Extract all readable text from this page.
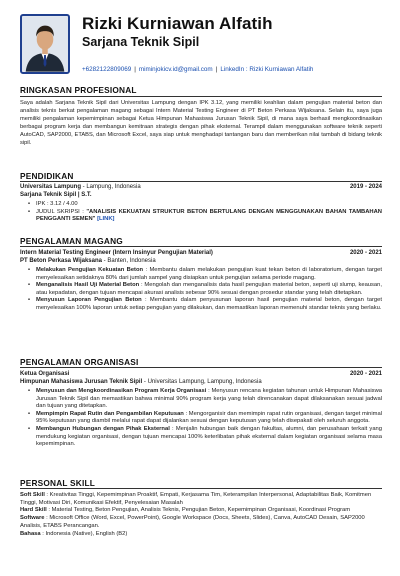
Rizki Kurniawan Alfatih
Sarjana Teknik Sipil
+6282122809069 | miminjokicv.id@gmail.com | LinkedIn : Rizki Kurniawan Alfatih
RINGKASAN PROFESIONAL
Saya adalah Sarjana Teknik Sipil dari Universitas Lampung dengan IPK 3.12, yang memiliki keahlian dalam pengujian material beton dan analisis teknis berkat pengalaman magang sebagai Intern Material Testing Engineer di PT Beton Perkasa Wijaksana. Selain itu, saya juga memiliki pengalaman kepemimpinan sebagai Ketua Himpunan Mahasiswa Jurusan Teknik Sipil, di mana saya berhasil mengkoordinasikan berbagai program kerja dan membangun kemitraan strategis dengan pihak eksternal. Terampil dalam menggunakan software teknik seperti AutoCAD, SAP2000, ETABS, dan Microsoft Excel, saya siap untuk menghadapi tantangan baru dan memberikan nilai tambah di bidang teknik sipil.
PENDIDIKAN
Universitas Lampung - Lampung, Indonesia	2019 - 2024
Sarjana Teknik Sipil | S.T.
• IPK : 3.12 / 4.00
• JUDUL SKRIPSI : "ANALISIS KEKUATAN STRUKTUR BETON BERTULANG DENGAN MENGGUNAKAN BAHAN TAMBAHAN PENGGANTI SEMEN" [LINK]
PENGALAMAN MAGANG
Intern Material Testing Engineer (Intern Insinyur Pengujian Material)	2020 - 2021
PT Beton Perkasa Wijaksana - Banten, Indonesia
• Melakukan Pengujian Kekuatan Beton : Membantu dalam melakukan pengujian kuat tekan beton di laboratorium, dengan target menyelesaikan setidaknya 80% dari jumlah sampel yang disiapkan untuk pengujian selama periode magang.
• Menganalisis Hasil Uji Material Beton : Mengolah dan menganalisis data hasil pengujian material beton, seperti uji slump, keausan, atau kepadatan, dengan tujuan mencapai akurasi analisis sebesar 90% sesuai dengan prosedur standar yang telah ditetapkan.
• Menyusun Laporan Pengujian Beton : Membantu dalam penyusunan laporan hasil pengujian material beton, dengan target menyelesaikan 100% laporan untuk setiap pengujian yang dilakukan, dan memastikan laporan memenuhi standar teknis yang berlaku.
PENGALAMAN ORGANISASI
Ketua Organisasi	2020 - 2021
Himpunan Mahasiswa Jurusan Teknik Sipil - Universitas Lampung, Lampung, Indonesia
• Menyusun dan Mengkoordinasikan Program Kerja Organisasi : Menyusun rencana kegiatan tahunan untuk Himpunan Mahasiswa Jurusan Teknik Sipil dan memastikan bahwa minimal 90% program kerja yang telah direncanakan dapat dilaksanakan sesuai jadwal dan tujuan yang ditetapkan.
• Mempimpin Rapat Rutin dan Pengambilan Keputusan : Mengorganisir dan memimpin rapat rutin organisasi, dengan target minimal 95% keputusan yang diambil melalui rapat dapat dijalankan sesuai dengan keputusan yang telah disepakati oleh seluruh anggota.
• Membangun Hubungan dengan Pihak Eksternal : Menjalin hubungan baik dengan fakultas, alumni, dan perusahaan terkait yang mendukung kegiatan organisasi, dengan tujuan mencapai 100% keterlibatan pihak eksternal dalam kegiatan organisasi selama masa kepemimpinan.
PERSONAL SKILL
Soft Skill : Kreativitas Tinggi, Kepemimpinan Proaktif, Empati, Kerjasama Tim, Keterampilan Interpersonal, Adaptabilitas Baik, Komitmen Tinggi, Motivasi Diri, Komunikasi Efektif, Penyelesaian Masalah
Hard Skill : Material Testing, Beton Pengujian, Analisis Teknis, Pengujian Beton, Kepemimpinan Organisasi, Koordinasi Program
Software : Microsoft Office (Word, Excel, PowerPoint), Google Workspace (Docs, Sheets, Slides), Canva, AutoCAD Desain, SAP2000 Analisis, ETABS Perancangan.
Bahasa : Indonesia (Native), English (B2)
